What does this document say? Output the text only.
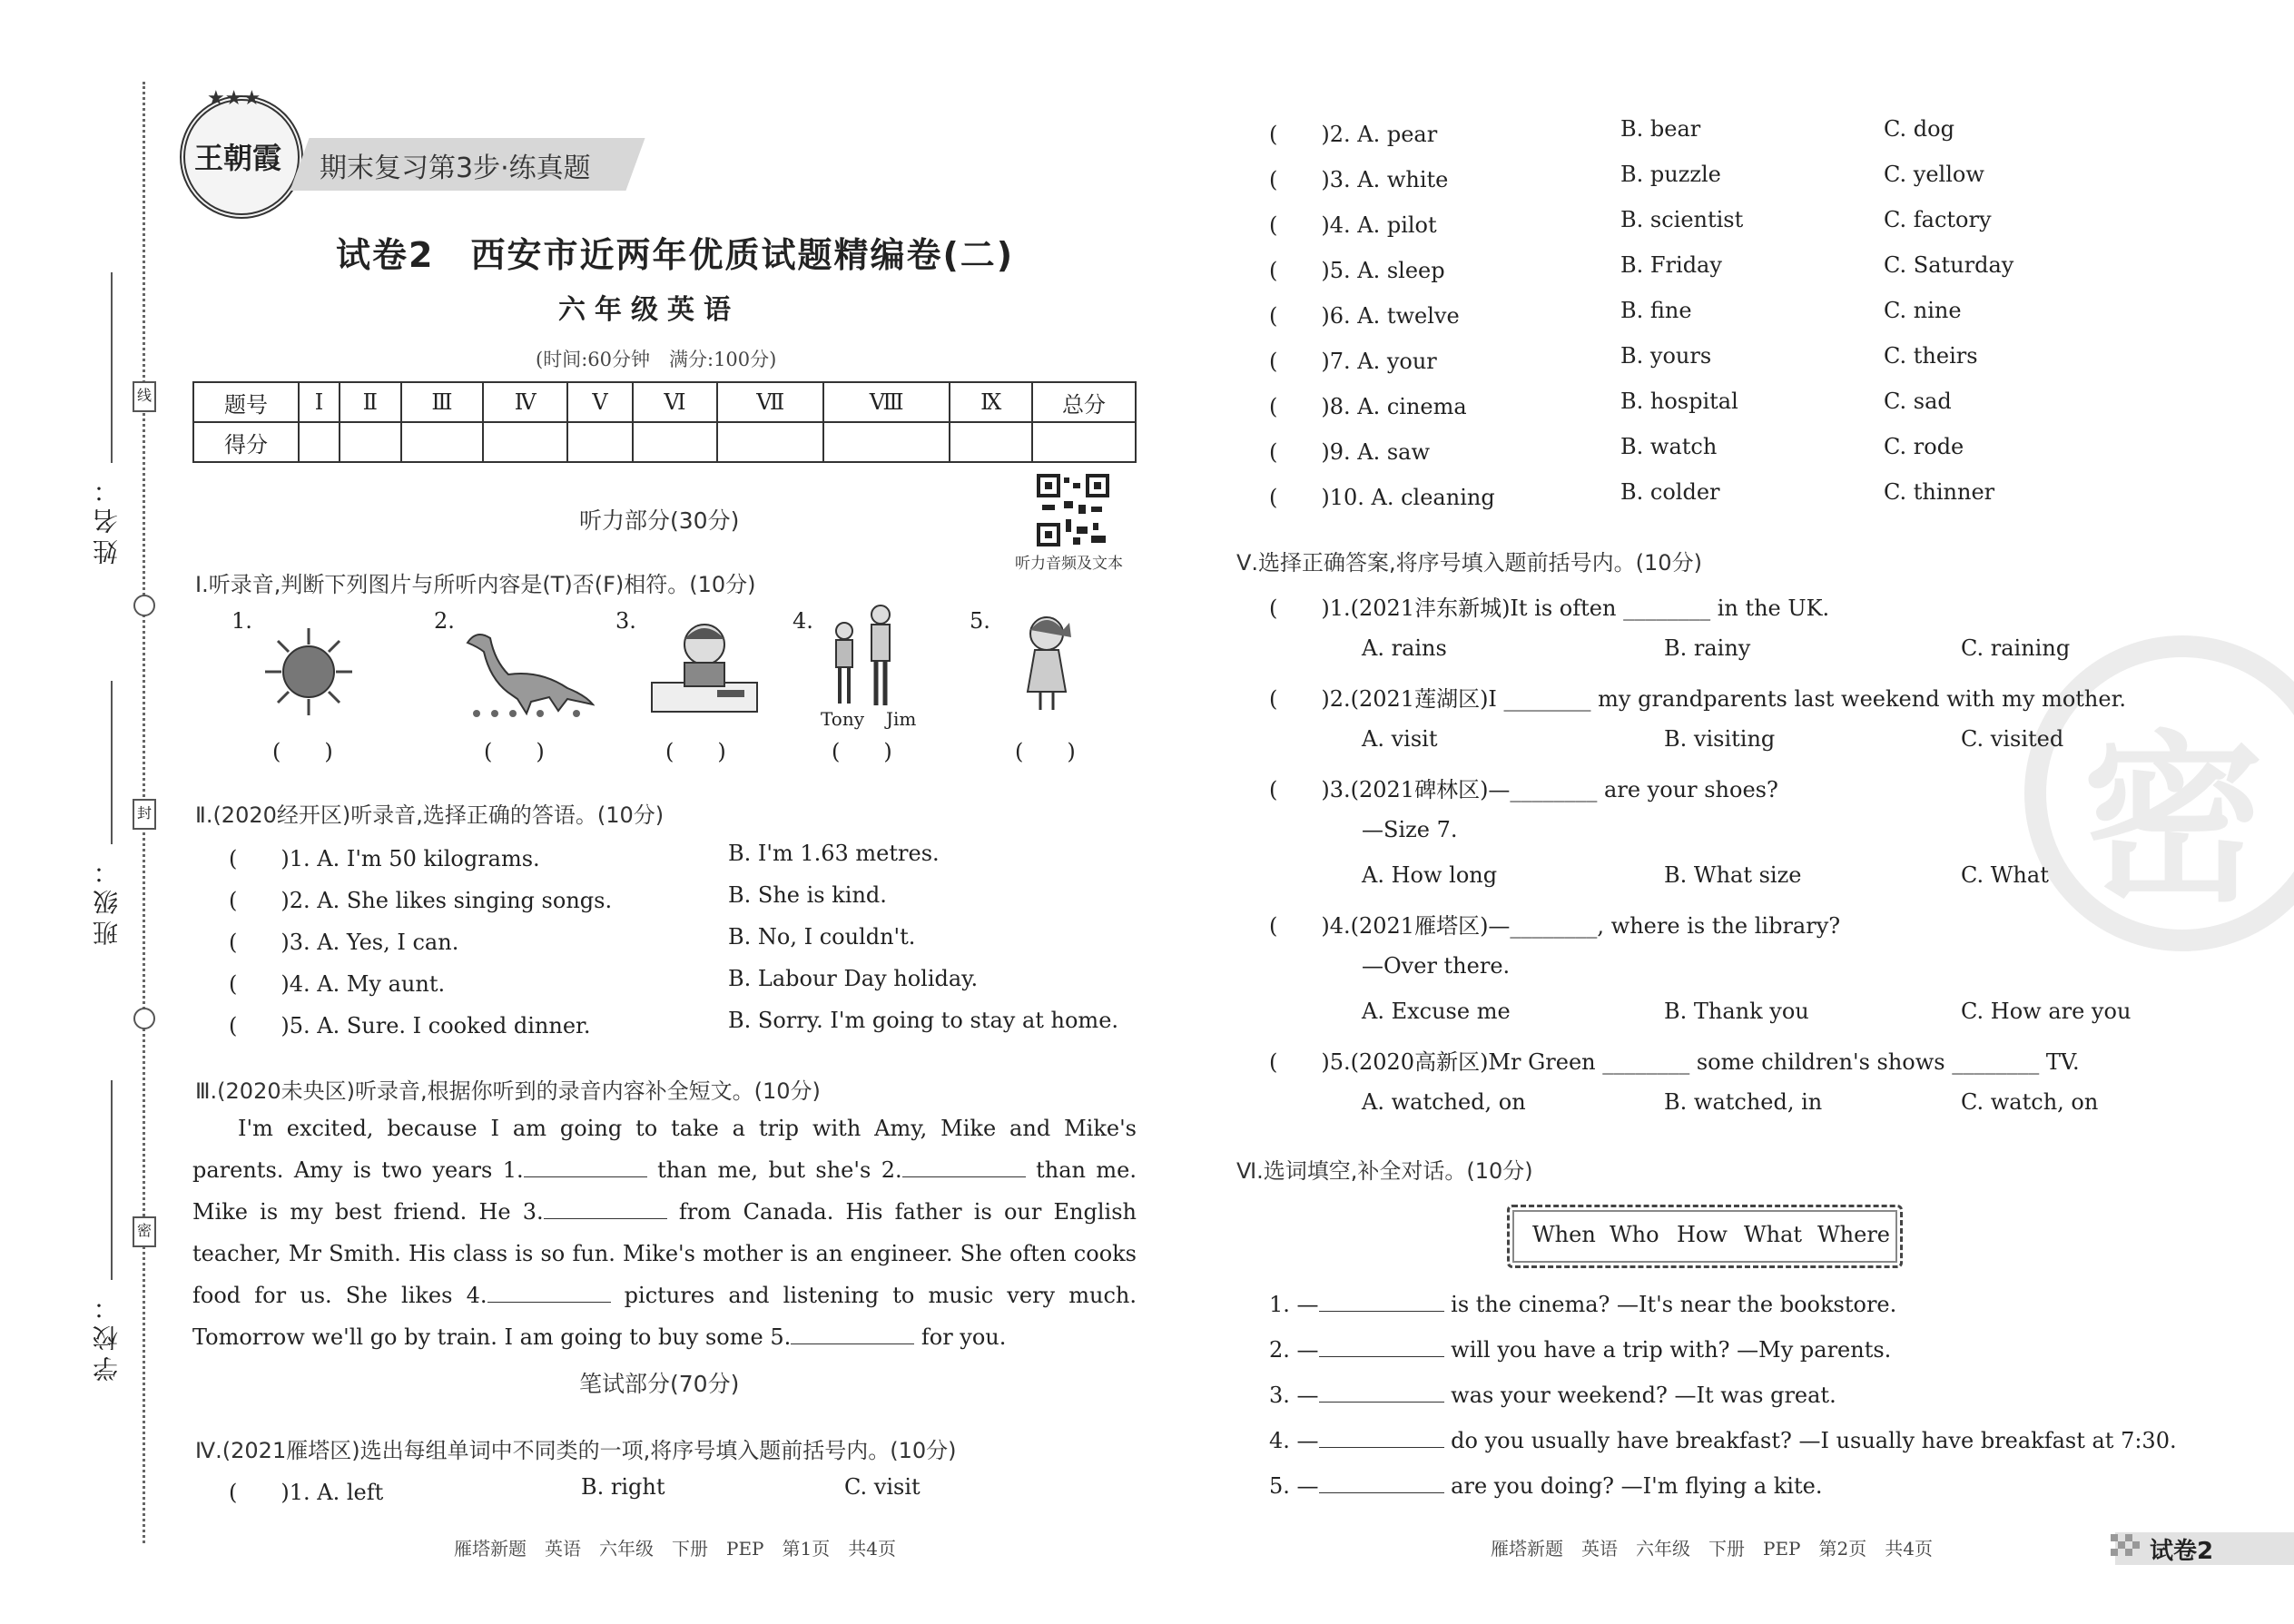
姓名：
班级：
学校：
线
封
密
王朝霞
★★★
期末复习第3步·练真题
试卷2　西安市近两年优质试题精编卷(二)
六年级英语
(时间:60分钟　满分:100分)
题号	Ⅰ	Ⅱ	Ⅲ	Ⅳ	Ⅴ	Ⅵ	Ⅶ	Ⅷ	Ⅸ	总分
得分										
听力音频及文本
听力部分(30分)
Ⅰ.听录音,判断下列图片与所听内容是(T)否(F)相符。(10分)
1.	2.	3.	4.	5.
Tony Jim
(　　)	(　　)	(　　)	(　　)	(　　)
Ⅱ.(2020经开区)听录音,选择正确的答语。(10分)
(　　)1. A. I'm 50 kilograms.	B. I'm 1.63 metres.
(　　)2. A. She likes singing songs.	B. She is kind.
(　　)3. A. Yes, I can.	B. No, I couldn't.
(　　)4. A. My aunt.	B. Labour Day holiday.
(　　)5. A. Sure. I cooked dinner.	B. Sorry. I'm going to stay at home.
Ⅲ.(2020未央区)听录音,根据你听到的录音内容补全短文。(10分)
I'm excited, because I am going to take a trip with Amy, Mike and Mike's parents. Amy is two years 1.	than me, but she's 2.	than me. Mike is my best friend. He 3.	from Canada. His father is our English teacher, Mr Smith. His class is so fun. Mike's mother is an engineer. She often cooks food for us. She likes 4.	pictures and listening to music very much. Tomorrow we'll go by train. I am going to buy some 5.	for you.
笔试部分(70分)
Ⅳ.(2021雁塔区)选出每组单词中不同类的一项,将序号填入题前括号内。(10分)
(　　)1. A. left	B. right	C. visit
雁塔新题　英语　六年级　下册　PEP　第1页　共4页
密
(　　)2. A. pear	B. bear	C. dog
(　　)3. A. white	B. puzzle	C. yellow
(　　)4. A. pilot	B. scientist	C. factory
(　　)5. A. sleep	B. Friday	C. Saturday
(　　)6. A. twelve	B. fine	C. nine
(　　)7. A. your	B. yours	C. theirs
(　　)8. A. cinema	B. hospital	C. sad
(　　)9. A. saw	B. watch	C. rode
(　　)10. A. cleaning	B. colder	C. thinner
Ⅴ.选择正确答案,将序号填入题前括号内。(10分)
(　　)1.(2021沣东新城)It is often ________ in the UK.
A. rains	B. rainy	C. raining
(　　)2.(2021莲湖区)I ________ my grandparents last weekend with my mother.
A. visit	B. visiting	C. visited
(　　)3.(2021碑林区)—________ are your shoes?
—Size 7.
A. How long	B. What size	C. What
(　　)4.(2021雁塔区)—________, where is the library?
—Over there.
A. Excuse me	B. Thank you	C. How are you
(　　)5.(2020高新区)Mr Green ________ some children's shows ________ TV.
A. watched, on	B. watched, in	C. watch, on
Ⅵ.选词填空,补全对话。(10分)
When Who How What Where
1. —	is the cinema? —It's near the bookstore.
2. —	will you have a trip with? —My parents.
3. —	was your weekend? —It was great.
4. —	do you usually have breakfast? —I usually have breakfast at 7:30.
5. —	are you doing? —I'm flying a kite.
雁塔新题　英语　六年级　下册　PEP　第2页　共4页	试卷2
